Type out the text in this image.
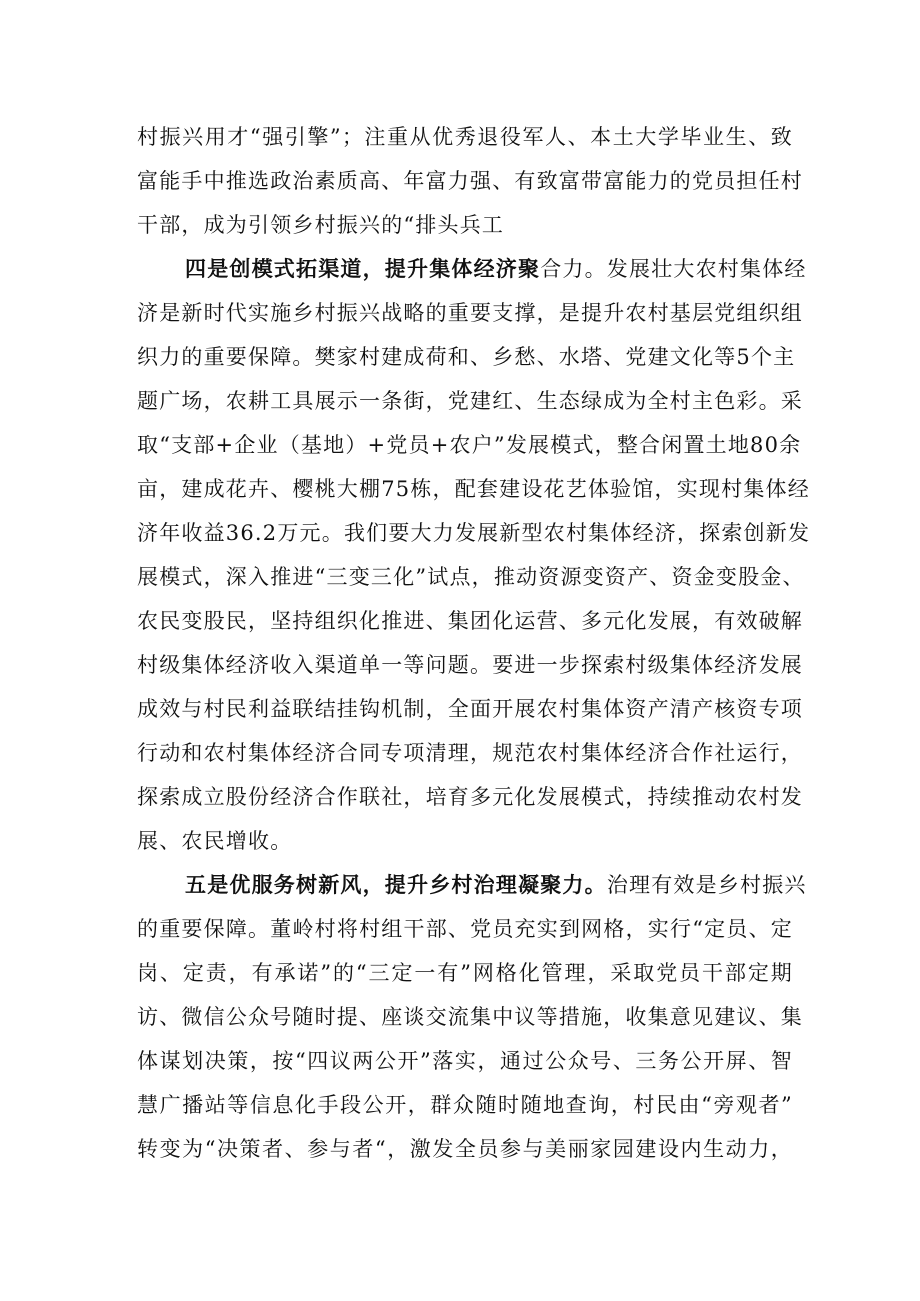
村振兴用才“强引擎”；注重从优秀退役军人、本土大学毕业生、致
富能手中推选政治素质高、年富力强、有致富带富能力的党员担任村
干部，成为引领乡村振兴的“排头兵工
四是创模式拓渠道，提升集体经济聚合力。发展壮大农村集体经
济是新时代实施乡村振兴战略的重要支撑，是提升农村基层党组织组
织力的重要保障。樊家村建成荷和、乡愁、水塔、党建文化等5个主
题广场，农耕工具展示一条街，党建红、生态绿成为全村主色彩。采
取“支部+企业（基地）+党员+农户”发展模式，整合闲置土地80余
亩，建成花卉、樱桃大棚75栋，配套建设花艺体验馆，实现村集体经
济年收益36.2万元。我们要大力发展新型农村集体经济，探索创新发
展模式，深入推进“三变三化”试点，推动资源变资产、资金变股金、
农民变股民，坚持组织化推进、集团化运营、多元化发展，有效破解
村级集体经济收入渠道单一等问题。要进一步探索村级集体经济发展
成效与村民利益联结挂钩机制，全面开展农村集体资产清产核资专项
行动和农村集体经济合同专项清理，规范农村集体经济合作社运行，
探索成立股份经济合作联社，培育多元化发展模式，持续推动农村发
展、农民增收。
五是优服务树新风，提升乡村治理凝聚力。治理有效是乡村振兴
的重要保障。董岭村将村组干部、党员充实到网格，实行“定员、定
岗、定责，有承诺”的“三定一有”网格化管理，采取党员干部定期
访、微信公众号随时提、座谈交流集中议等措施，收集意见建议、集
体谋划决策，按“四议两公开”落实，通过公众号、三务公开屏、智
慧广播站等信息化手段公开，群众随时随地查询，村民由“旁观者”
转变为“决策者、参与者“，激发全员参与美丽家园建设内生动力，
